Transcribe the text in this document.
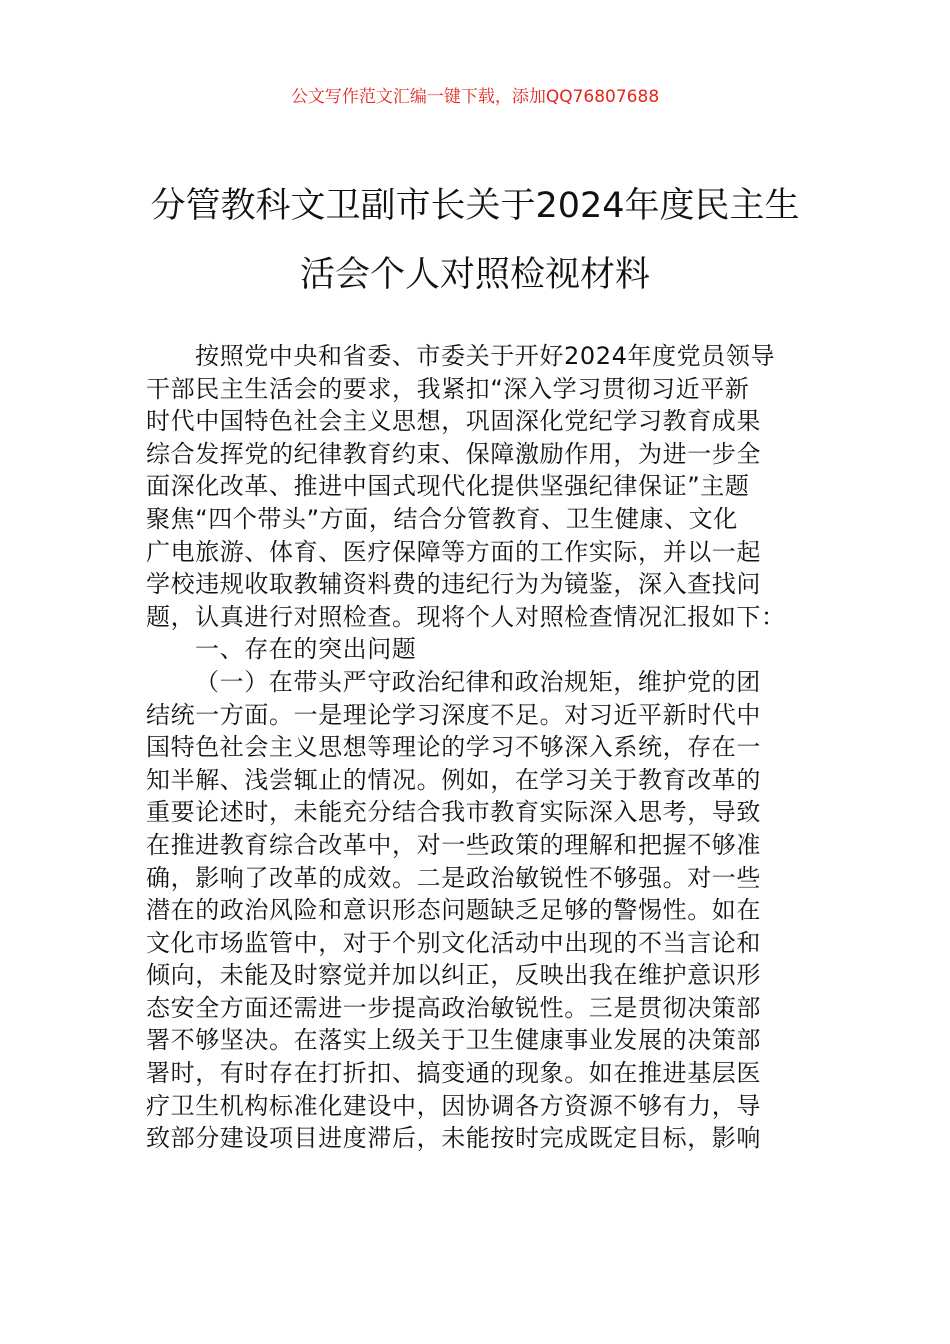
公文写作范文汇编一键下载，添加QQ76807688
分管教科文卫副市长关于2024年度民主生
活会个人对照检视材料
按照党中央和省委、市委关于开好2024年度党员领导
干部民主生活会的要求，我紧扣“深入学习贯彻习近平新
时代中国特色社会主义思想，巩固深化党纪学习教育成果
综合发挥党的纪律教育约束、保障激励作用，为进一步全
面深化改革、推进中国式现代化提供坚强纪律保证”主题
聚焦“四个带头”方面，结合分管教育、卫生健康、文化
广电旅游、体育、医疗保障等方面的工作实际，并以一起
学校违规收取教辅资料费的违纪行为为镜鉴，深入查找问
题，认真进行对照检查。现将个人对照检查情况汇报如下：
一、存在的突出问题
（一）在带头严守政治纪律和政治规矩，维护党的团
结统一方面。一是理论学习深度不足。对习近平新时代中
国特色社会主义思想等理论的学习不够深入系统，存在一
知半解、浅尝辄止的情况。例如，在学习关于教育改革的
重要论述时，未能充分结合我市教育实际深入思考，导致
在推进教育综合改革中，对一些政策的理解和把握不够准
确，影响了改革的成效。二是政治敏锐性不够强。对一些
潜在的政治风险和意识形态问题缺乏足够的警惕性。如在
文化市场监管中，对于个别文化活动中出现的不当言论和
倾向，未能及时察觉并加以纠正，反映出我在维护意识形
态安全方面还需进一步提高政治敏锐性。三是贯彻决策部
署不够坚决。在落实上级关于卫生健康事业发展的决策部
署时，有时存在打折扣、搞变通的现象。如在推进基层医
疗卫生机构标准化建设中，因协调各方资源不够有力，导
致部分建设项目进度滞后，未能按时完成既定目标，影响
